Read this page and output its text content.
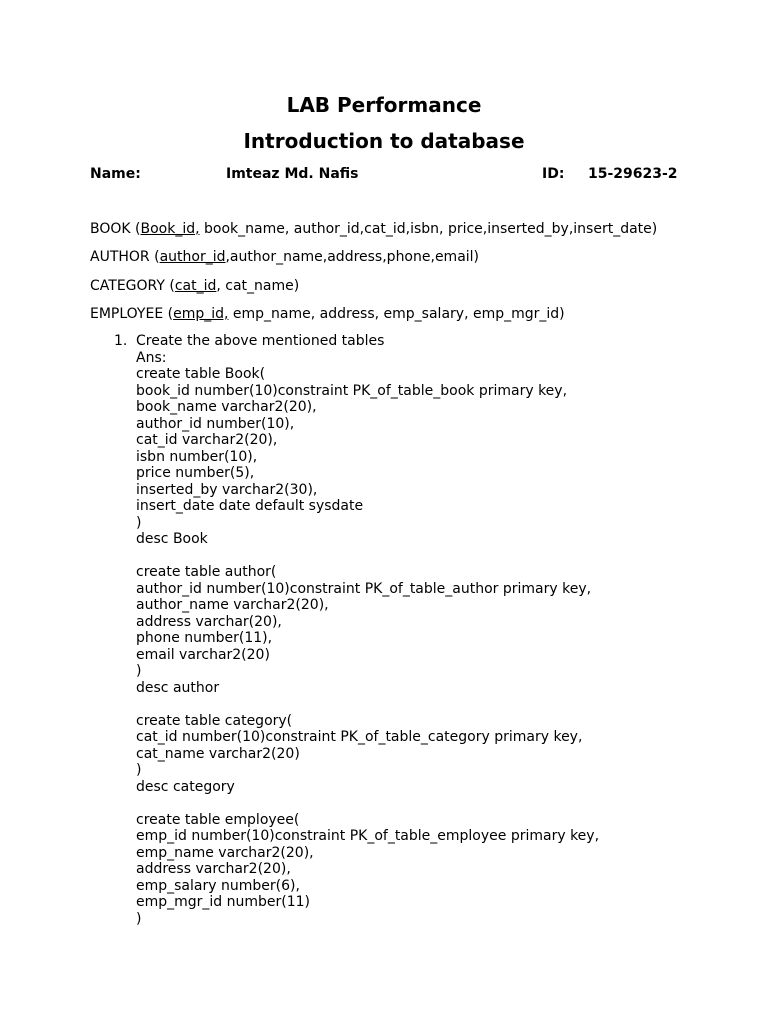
LAB Performance
Introduction to database
Name:	Imteaz Md. Nafis	ID: 15-29623-2
BOOK (Book_id, book_name, author_id,cat_id,isbn, price,inserted_by,insert_date)
AUTHOR (author_id,author_name,address,phone,email)
CATEGORY (cat_id, cat_name)
EMPLOYEE (emp_id, emp_name, address, emp_salary, emp_mgr_id)
1. Create the above mentioned tables
Ans:
create table Book(
book_id number(10)constraint PK_of_table_book primary key,
book_name varchar2(20),
author_id number(10),
cat_id varchar2(20),
isbn number(10),
price number(5),
inserted_by varchar2(30),
insert_date date default sysdate
)
desc Book
create table author(
author_id number(10)constraint PK_of_table_author primary key,
author_name varchar2(20),
address varchar(20),
phone number(11),
email varchar2(20)
)
desc author
create table category(
cat_id number(10)constraint PK_of_table_category primary key,
cat_name varchar2(20)
)
desc category
create table employee(
emp_id number(10)constraint PK_of_table_employee primary key,
emp_name varchar2(20),
address varchar2(20),
emp_salary number(6),
emp_mgr_id number(11)
)
